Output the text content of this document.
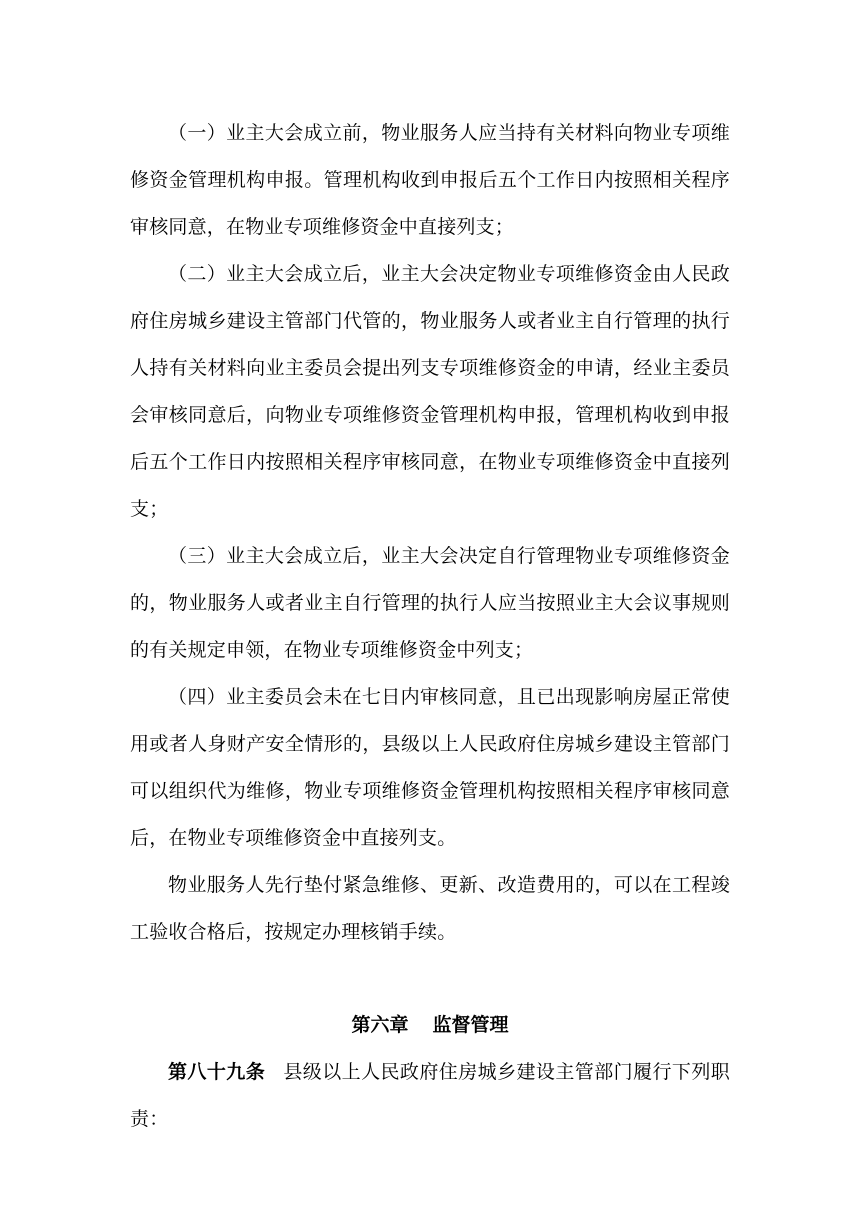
（一）业主大会成立前，物业服务人应当持有关材料向物业专项维修资金管理机构申报。管理机构收到申报后五个工作日内按照相关程序审核同意，在物业专项维修资金中直接列支；

（二）业主大会成立后，业主大会决定物业专项维修资金由人民政府住房城乡建设主管部门代管的，物业服务人或者业主自行管理的执行人持有关材料向业主委员会提出列支专项维修资金的申请，经业主委员会审核同意后，向物业专项维修资金管理机构申报，管理机构收到申报后五个工作日内按照相关程序审核同意，在物业专项维修资金中直接列支；

（三）业主大会成立后，业主大会决定自行管理物业专项维修资金的，物业服务人或者业主自行管理的执行人应当按照业主大会议事规则的有关规定申领，在物业专项维修资金中列支；

（四）业主委员会未在七日内审核同意，且已出现影响房屋正常使用或者人身财产安全情形的，县级以上人民政府住房城乡建设主管部门可以组织代为维修，物业专项维修资金管理机构按照相关程序审核同意后，在物业专项维修资金中直接列支。

物业服务人先行垫付紧急维修、更新、改造费用的，可以在工程竣工验收合格后，按规定办理核销手续。

第六章 监督管理

第八十九条 县级以上人民政府住房城乡建设主管部门履行下列职责：
